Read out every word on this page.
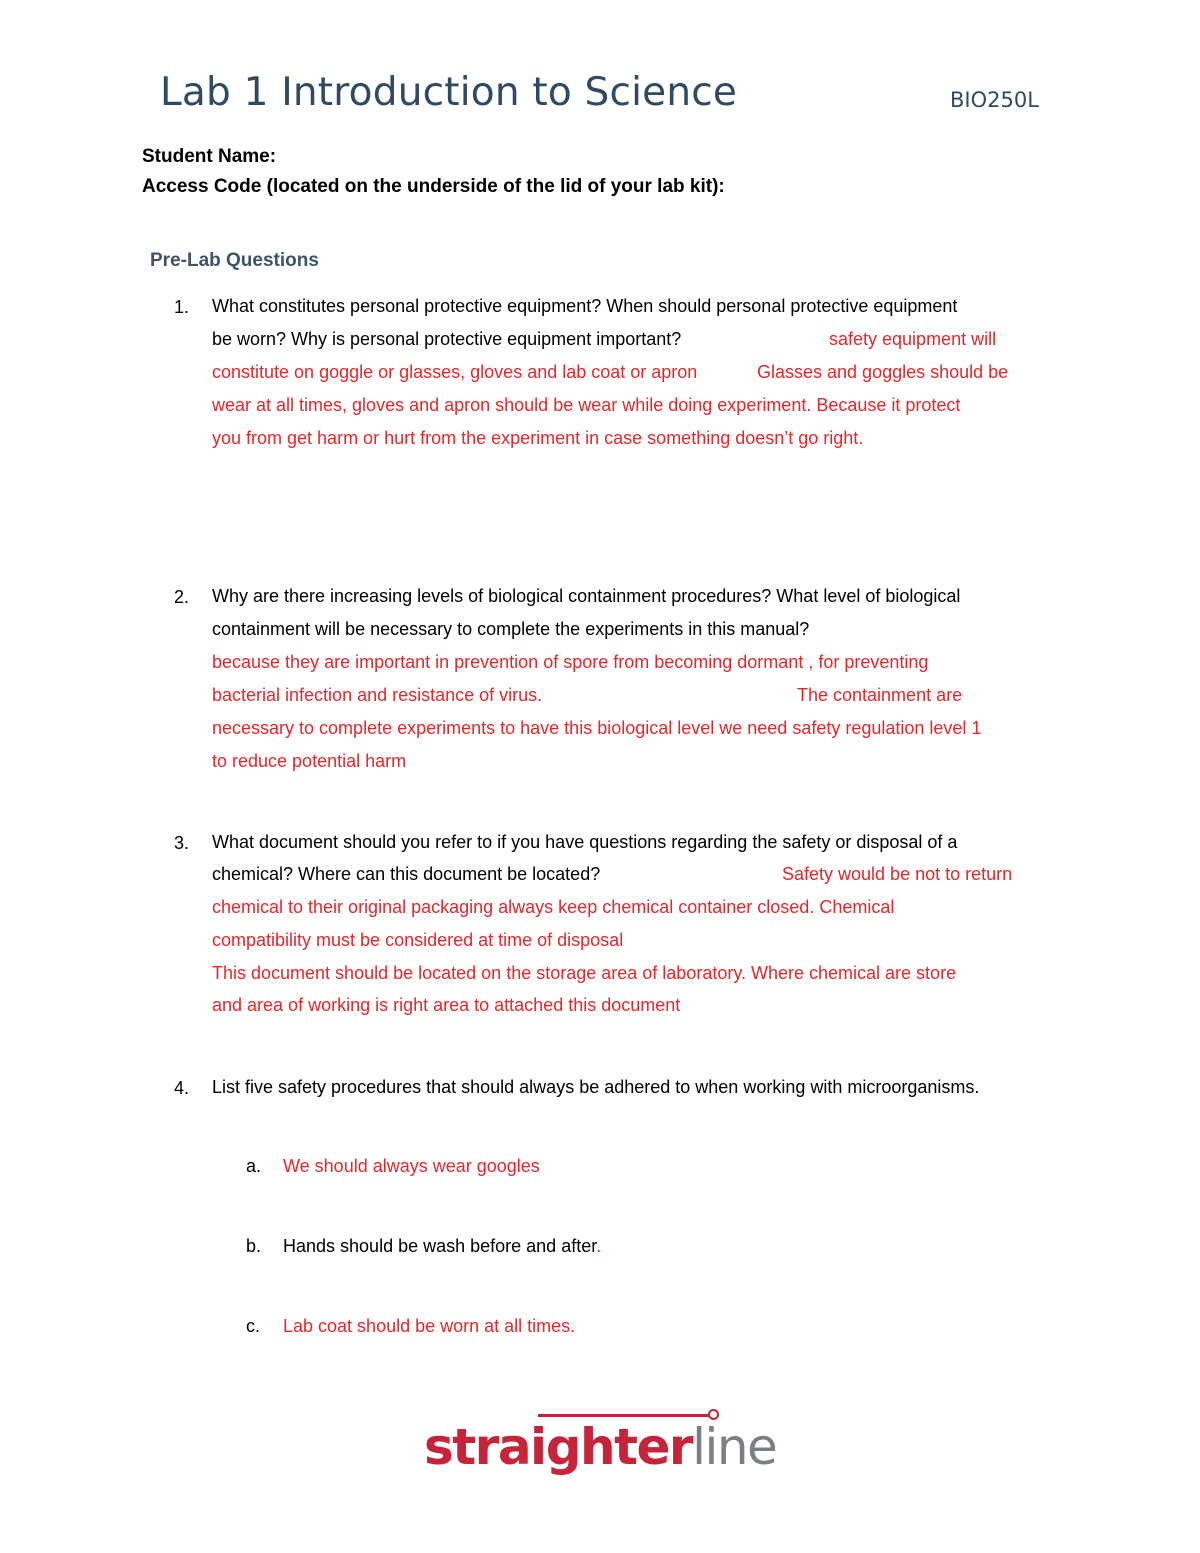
Lab 1 Introduction to Science	BIO250L
Student Name:
Access Code (located on the underside of the lid of your lab kit):
Pre-Lab Questions
1. What constitutes personal protective equipment? When should personal protective equipment
be worn? Why is personal protective equipment important?	safety equipment will
constitute on goggle or glasses, gloves and lab coat or apron	Glasses and goggles should be
wear at all times, gloves and apron should be wear while doing experiment. Because it protect
you from get harm or hurt from the experiment in case something doesn’t go right.
2. Why are there increasing levels of biological containment procedures? What level of biological
containment will be necessary to complete the experiments in this manual?
because they are important in prevention of spore from becoming dormant , for preventing
bacterial infection and resistance of virus.	The containment are
necessary to complete experiments to have this biological level we need safety regulation level 1
to reduce potential harm
3. What document should you refer to if you have questions regarding the safety or disposal of a
chemical? Where can this document be located?	Safety would be not to return
chemical to their original packaging always keep chemical container closed. Chemical
compatibility must be considered at time of disposal
This document should be located on the storage area of laboratory. Where chemical are store
and area of working is right area to attached this document
4. List five safety procedures that should always be adhered to when working with microorganisms.
a. We should always wear googles
b. Hands should be wash before and after.
c. Lab coat should be worn at all times.
straighterline
